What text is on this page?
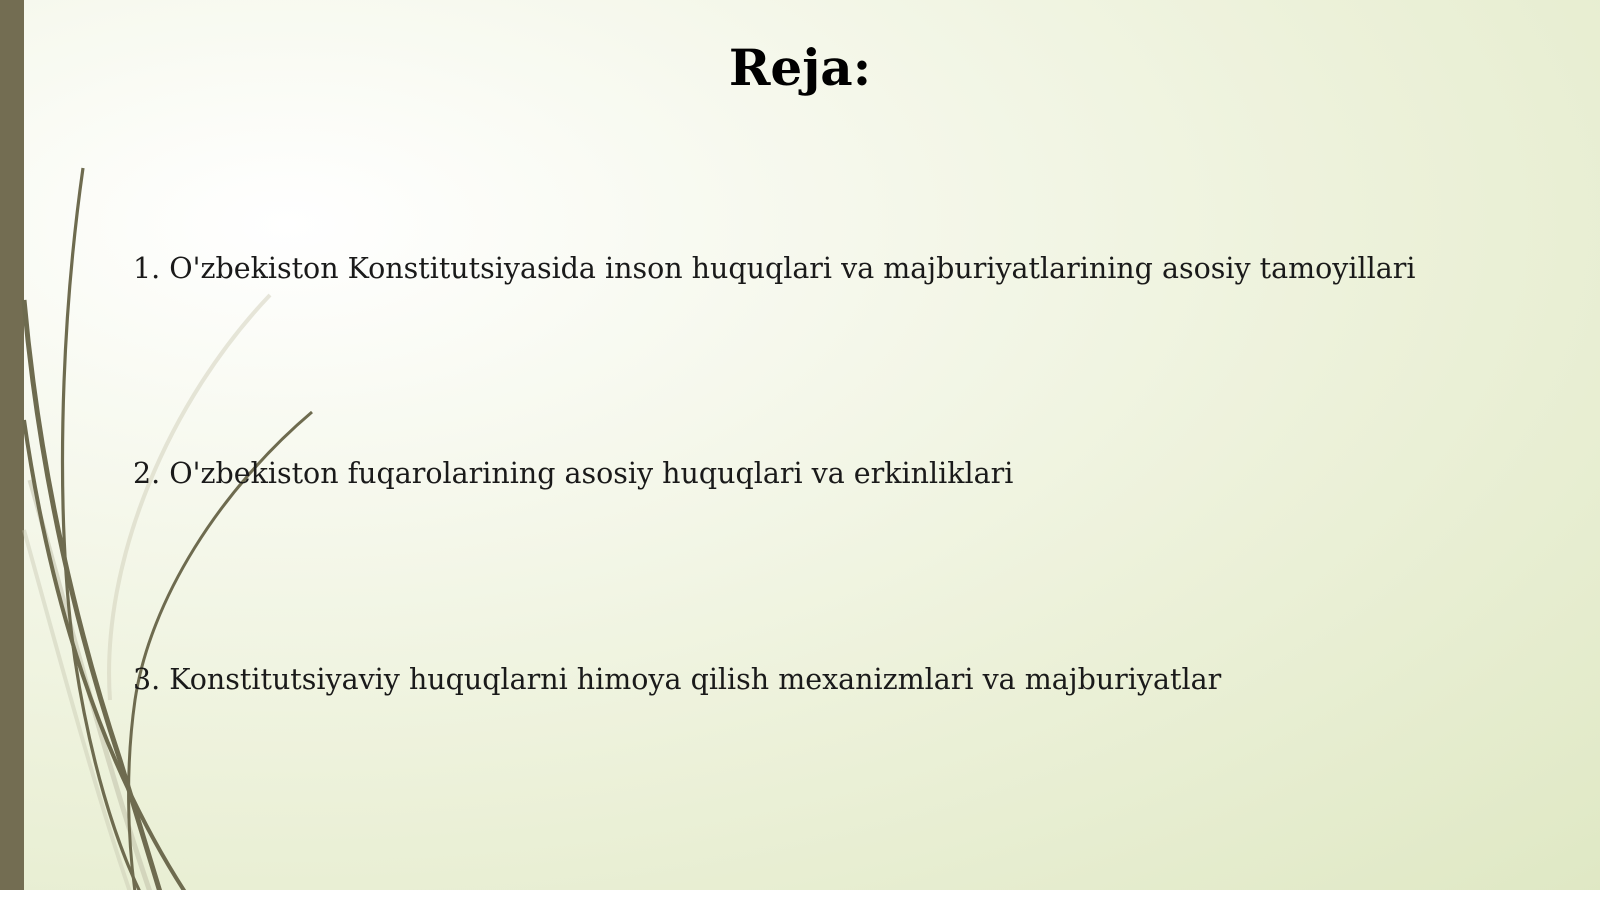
Reja:
1. O'zbekiston Konstitutsiyasida inson huquqlari va majburiyatlarining asosiy tamoyillari
2. O'zbekiston fuqarolarining asosiy huquqlari va erkinliklari
3. Konstitutsiyaviy huquqlarni himoya qilish mexanizmlari va majburiyatlar
